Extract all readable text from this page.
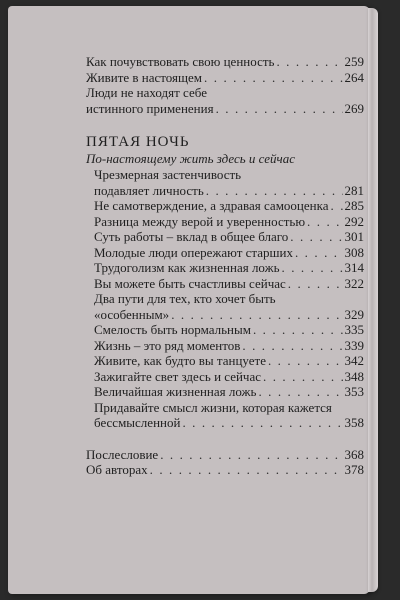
Как почувствовать свою ценность . . .	259
Живите в настоящем . . .	264
Люди не находят себе
истинного применения . . .	269
ПЯТАЯ НОЧЬ
По-настоящему жить здесь и сейчас
Чрезмерная застенчивость
подавляет личность . . .	281
Не самотверждение, а здравая самооценка . . . 285
Разница между верой и уверенностью . . .	292
Суть работы – вклад в общее благо . . .	301
Молодые люди опережают старших . . .	308
Трудоголизм как жизненная ложь . . .	314
Вы можете быть счастливы сейчас . . .	322
Два пути для тех, кто хочет быть
«особенным» . . .	329
Смелость быть нормальным . . .	335
Жизнь – это ряд моментов . . .	339
Живите, как будто вы танцуете . . .	342
Зажигайте свет здесь и сейчас . . .	348
Величайшая жизненная ложь . . .	353
Придавайте смысл жизни, которая кажется
бессмысленной . . .	358
Послесловие . . .	368
Об авторах . . .	378
